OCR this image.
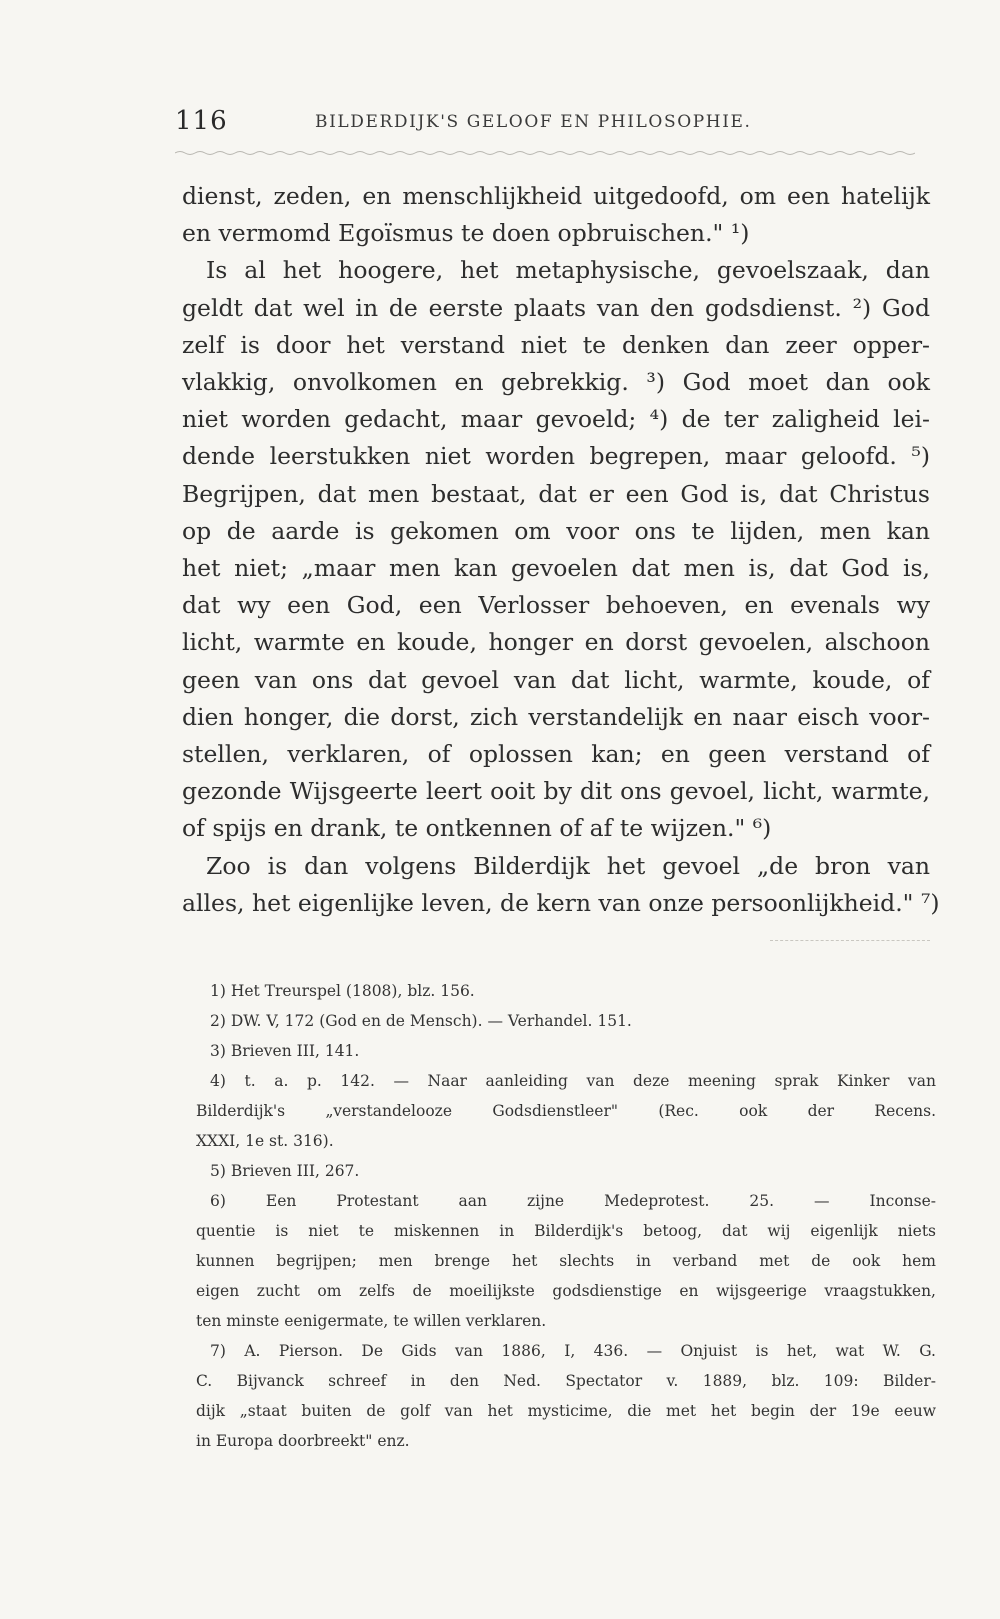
116	BILDERDIJK'S GELOOF EN PHILOSOPHIE.
dienst, zeden, en menschlijkheid uitgedoofd, om een hatelijk
en vermomd Egoïsmus te doen opbruischen." ¹)
Is al het hoogere, het metaphysische, gevoelszaak, dan
geldt dat wel in de eerste plaats van den godsdienst. ²) God
zelf is door het verstand niet te denken dan zeer opper-
vlakkig, onvolkomen en gebrekkig. ³) God moet dan ook
niet worden gedacht, maar gevoeld; ⁴) de ter zaligheid lei-
dende leerstukken niet worden begrepen, maar geloofd. ⁵)
Begrijpen, dat men bestaat, dat er een God is, dat Christus
op de aarde is gekomen om voor ons te lijden, men kan
het niet; „maar men kan gevoelen dat men is, dat God is,
dat wy een God, een Verlosser behoeven, en evenals wy
licht, warmte en koude, honger en dorst gevoelen, alschoon
geen van ons dat gevoel van dat licht, warmte, koude, of
dien honger, die dorst, zich verstandelijk en naar eisch voor-
stellen, verklaren, of oplossen kan; en geen verstand of
gezonde Wijsgeerte leert ooit by dit ons gevoel, licht, warmte,
of spijs en drank, te ontkennen of af te wijzen." ⁶)
Zoo is dan volgens Bilderdijk het gevoel „de bron van
alles, het eigenlijke leven, de kern van onze persoonlijkheid." ⁷)
1) Het Treurspel (1808), blz. 156.
2) DW. V, 172 (God en de Mensch). — Verhandel. 151.
3) Brieven III, 141.
4) t. a. p. 142. — Naar aanleiding van deze meening sprak Kinker van
Bilderdijk's „verstandelooze Godsdienstleer" (Rec. ook der Recens.
XXXI, 1e st. 316).
5) Brieven III, 267.
6) Een Protestant aan zijne Medeprotest. 25. — Inconse-
quentie is niet te miskennen in Bilderdijk's betoog, dat wij eigenlijk niets
kunnen begrijpen; men brenge het slechts in verband met de ook hem
eigen zucht om zelfs de moeilijkste godsdienstige en wijsgeerige vraagstukken,
ten minste eenigermate, te willen verklaren.
7) A. Pierson. De Gids van 1886, I, 436. — Onjuist is het, wat W. G.
C. Bijvanck schreef in den Ned. Spectator v. 1889, blz. 109: Bilder-
dijk „staat buiten de golf van het mysticime, die met het begin der 19e eeuw
in Europa doorbreekt" enz.
